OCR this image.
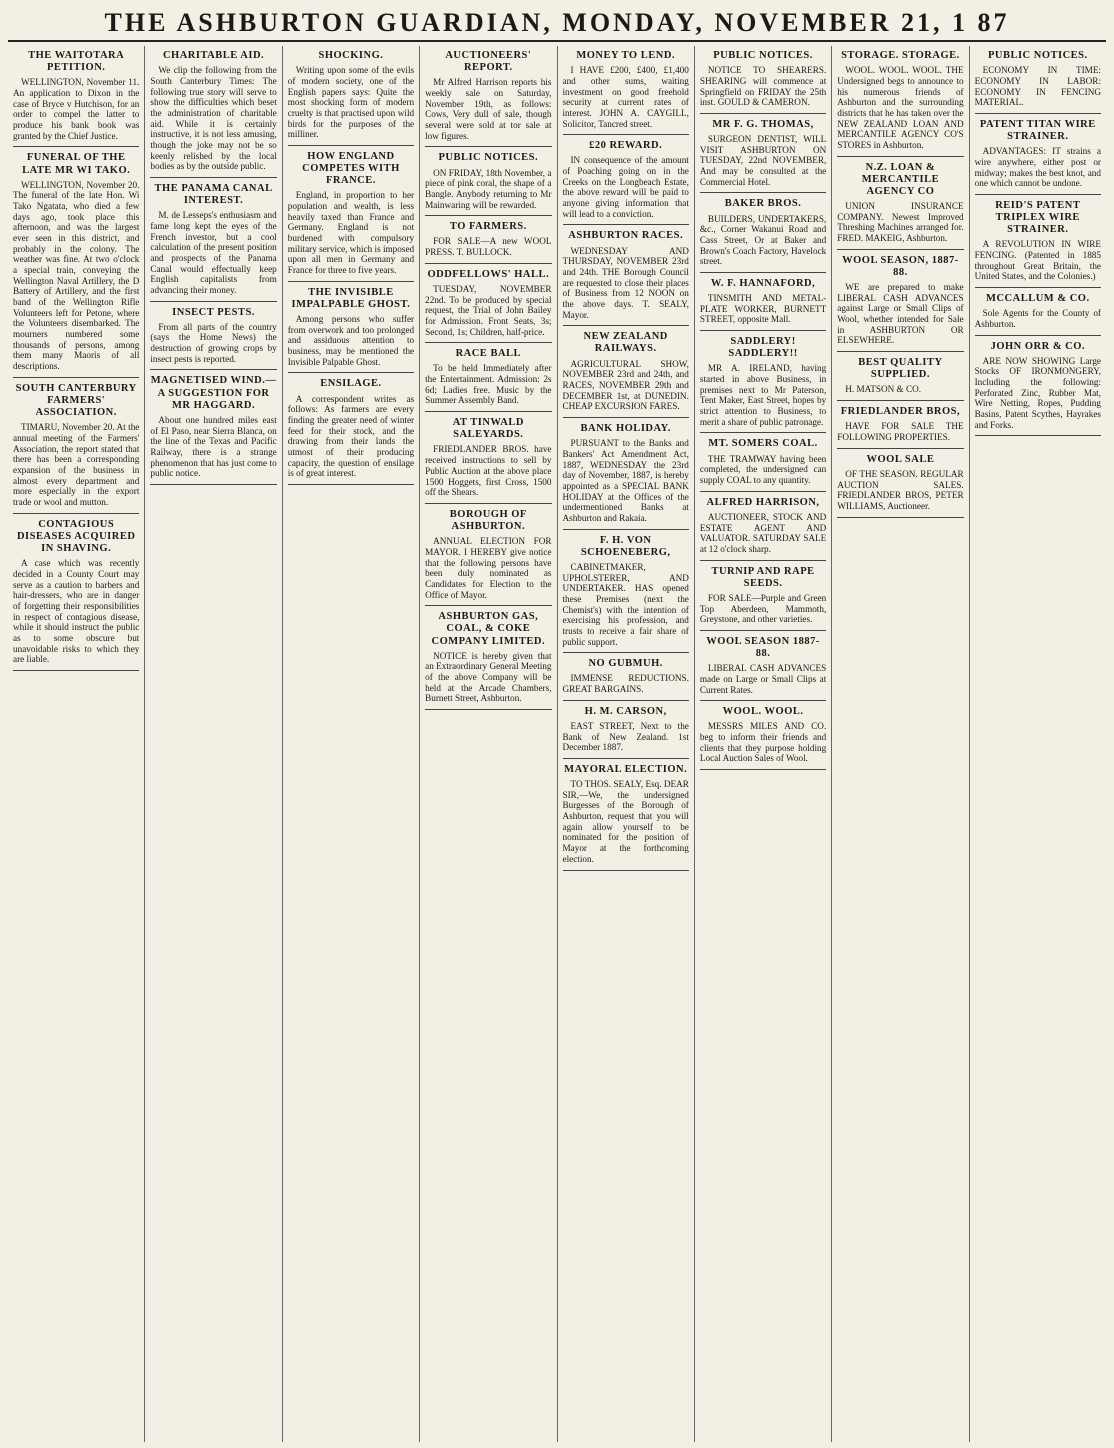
THE ASHBURTON GUARDIAN, MONDAY, NOVEMBER 21, 1 87
THE WAITOTARA PETITION.

WELLINGTON, November 11. An application to Dixon in the case of Bryce v Hutchison, for an order to compel the latter to produce his bank book was granted by the Chief Justice.

FUNERAL OF THE LATE MR WI TAKO.

WELLINGTON, November 20. The funeral of the late Hon. Wi Tako Ngatata, who died a few days ago, took place this afternoon, and was the largest ever seen in this district, and probably in the colony. The weather was fine. At two o'clock a special train, conveying the Wellington Naval Artillery, the D Battery of Artillery, and the first band of the Wellington Rifle Volunteers left for Petone, where the Volunteers disembarked. The mourners numbered some thousands of persons, among them many Maoris of all descriptions.

SOUTH CANTERBURY FARMERS' ASSOCIATION.

TIMARU, November 20. At the annual meeting of the Farmers' Association, the report stated that there has been a corresponding expansion of the business in almost every department and more especially in the export trade or wool and mutton.

CONTAGIOUS DISEASES ACQUIRED IN SHAVING.

A case which was recently decided in a County Court may serve as a caution to barbers and hair-dressers, who are in danger of forgetting their responsibilities in respect of contagious disease, while it should instruct the public as to some obscure but unavoidable risks to which they are liable.

CHARITABLE AID.

We clip the following from the South Canterbury Times: The following true story will serve to show the difficulties which beset the administration of charitable aid. While it is certainly instructive, it is not less amusing, though the joke may not be so keenly relished by the local bodies as by the outside public.

THE PANAMA CANAL INTEREST.

M. de Lesseps's enthusiasm and fame long kept the eyes of the French investor, but a cool calculation of the present position and prospects of the Panama Canal would effectually keep English capitalists from advancing their money.

INSECT PESTS.

From all parts of the country (says the Home News) the destruction of growing crops by insect pests is reported.

MAGNETISED WIND.—A SUGGESTION FOR MR HAGGARD.

About one hundred miles east of El Paso, near Sierra Blanca, on the line of the Texas and Pacific Railway, there is a strange phenomenon that has just come to public notice.

SHOCKING.

Writing upon some of the evils of modern society, one of the English papers says: Quite the most shocking form of modern cruelty is that practised upon wild birds for the purposes of the milliner.

HOW ENGLAND COMPETES WITH FRANCE.

England, in proportion to her population and wealth, is less heavily taxed than France and Germany. England is not burdened with compulsory military service, which is imposed upon all men in Germany and France for three to five years.

THE INVISIBLE IMPALPABLE GHOST.

Among persons who suffer from overwork and too prolonged and assiduous attention to business, may be mentioned the Invisible Palpable Ghost.

ENSILAGE.

A correspondent writes as follows: As farmers are every finding the greater need of winter feed for their stock, and the drawing from their lands the utmost of their producing capacity, the question of ensilage is of great interest.

AUCTIONEERS' REPORT.

Mr Alfred Harrison reports his weekly sale on Saturday, November 19th, as follows: Cows, Very dull of sale, though several were sold at tor sale at low figures.

PUBLIC NOTICES.

ON FRIDAY, 18th November, a piece of pink coral, the shape of a Bangle. Anybody returning to Mr Mainwaring will be rewarded.

TO FARMERS.

FOR SALE—A new WOOL PRESS. T. BULLOCK.

ODDFELLOWS' HALL.

TUESDAY, NOVEMBER 22nd. To be produced by special request, the Trial of John Bailey for Admission. Front Seats, 3s; Second, 1s; Children, half-price.

RACE BALL

To be held Immediately after the Entertainment. Admission: 2s 6d; Ladies free. Music by the Summer Assembly Band.

AT TINWALD SALEYARDS.

FRIEDLANDER BROS. have received instructions to sell by Public Auction at the above place 1500 Hoggets, first Cross, 1500 off the Shears.

BOROUGH OF ASHBURTON.

ANNUAL ELECTION FOR MAYOR. I HEREBY give notice that the following persons have been duly nominated as Candidates for Election to the Office of Mayor.

ASHBURTON GAS, COAL, & COKE COMPANY LIMITED.

NOTICE is hereby given that an Extraordinary General Meeting of the above Company will be held at the Arcade Chambers, Burnett Street, Ashburton.

MONEY TO LEND.

I HAVE £200, £400, £1,400 and other sums, waiting investment on good freehold security at current rates of interest. JOHN A. CAYGILL, Solicitor, Tancred street.

£20 REWARD.

IN consequence of the amount of Poaching going on in the Creeks on the Longbeach Estate, the above reward will be paid to anyone giving information that will lead to a conviction.

ASHBURTON RACES.

WEDNESDAY AND THURSDAY, NOVEMBER 23rd and 24th. THE Borough Council are requested to close their places of Business from 12 NOON on the above days. T. SEALY, Mayor.

NEW ZEALAND RAILWAYS.

AGRICULTURAL SHOW, NOVEMBER 23rd and 24th, and RACES, NOVEMBER 29th and DECEMBER 1st, at DUNEDIN. CHEAP EXCURSION FARES.

BANK HOLIDAY.

PURSUANT to the Banks and Bankers' Act Amendment Act, 1887, WEDNESDAY the 23rd day of November, 1887, is hereby appointed as a SPECIAL BANK HOLIDAY at the Offices of the undermentioned Banks at Ashburton and Rakaia.

F. H. VON SCHOENEBERG,

CABINETMAKER, UPHOLSTERER, AND UNDERTAKER. HAS opened these Premises (next the Chemist's) with the intention of exercising his profession, and trusts to receive a fair share of public support.

NO GUBMUH.

IMMENSE REDUCTIONS. GREAT BARGAINS.

H. M. CARSON,

EAST STREET, Next to the Bank of New Zealand. 1st December 1887.

MAYORAL ELECTION.

TO THOS. SEALY, Esq. DEAR SIR,—We, the undersigned Burgesses of the Borough of Ashburton, request that you will again allow yourself to be nominated for the position of Mayor at the forthcoming election.

PUBLIC NOTICES.

NOTICE TO SHEARERS. SHEARING will commence at Springfield on FRIDAY the 25th inst. GOULD & CAMERON.

MR F. G. THOMAS,

SURGEON DENTIST, WILL VISIT ASHBURTON ON TUESDAY, 22nd NOVEMBER, And may be consulted at the Commercial Hotel.

BAKER BROS.

BUILDERS, UNDERTAKERS, &c., Corner Wakanui Road and Cass Street, Or at Baker and Brown's Coach Factory, Havelock street.

W. F. HANNAFORD,

TINSMITH AND METAL-PLATE WORKER, BURNETT STREET, opposite Mall.

SADDLERY! SADDLERY!!

MR A. IRELAND, having started in above Business, in premises next to Mr Paterson, Tent Maker, East Street, hopes by strict attention to Business, to merit a share of public patronage.

MT. SOMERS COAL.

THE TRAMWAY having been completed, the undersigned can supply COAL to any quantity.

ALFRED HARRISON,

AUCTIONEER, STOCK AND ESTATE AGENT AND VALUATOR. SATURDAY SALE at 12 o'clock sharp.

TURNIP AND RAPE SEEDS.

FOR SALE—Purple and Green Top Aberdeen, Mammoth, Greystone, and other varieties.

WOOL SEASON 1887-88.

LIBERAL CASH ADVANCES made on Large or Small Clips at Current Rates.

WOOL. WOOL.

MESSRS MILES AND CO. beg to inform their friends and clients that they purpose holding Local Auction Sales of Wool.

STORAGE. STORAGE.

WOOL. WOOL. WOOL. THE Undersigned begs to announce to his numerous friends of Ashburton and the surrounding districts that he has taken over the NEW ZEALAND LOAN AND MERCANTILE AGENCY CO'S STORES in Ashburton.

N.Z. LOAN & MERCANTILE AGENCY CO

UNION INSURANCE COMPANY. Newest Improved Threshing Machines arranged for. FRED. MAKEIG, Ashburton.

WOOL SEASON, 1887-88.

WE are prepared to make LIBERAL CASH ADVANCES against Large or Small Clips of Wool, whether intended for Sale in ASHBURTON OR ELSEWHERE.

BEST QUALITY SUPPLIED.

H. MATSON & CO.

FRIEDLANDER BROS,

HAVE FOR SALE THE FOLLOWING PROPERTIES.

WOOL SALE

OF THE SEASON. REGULAR AUCTION SALES. FRIEDLANDER BROS, PETER WILLIAMS, Auctioneer.

PUBLIC NOTICES.

ECONOMY IN TIME: ECONOMY IN LABOR: ECONOMY IN FENCING MATERIAL.

PATENT TITAN WIRE STRAINER.

ADVANTAGES: IT strains a wire anywhere, either post or midway; makes the best knot, and one which cannot be undone.

REID'S PATENT TRIPLEX WIRE STRAINER.

A REVOLUTION IN WIRE FENCING. (Patented in 1885 throughout Great Britain, the United States, and the Colonies.)

MCCALLUM & CO.

Sole Agents for the County of Ashburton.

JOHN ORR & CO.

ARE NOW SHOWING Large Stocks OF IRONMONGERY, Including the following: Perforated Zinc, Rubber Mat, Wire Netting, Ropes, Pudding Basins, Patent Scythes, Hayrakes and Forks.
